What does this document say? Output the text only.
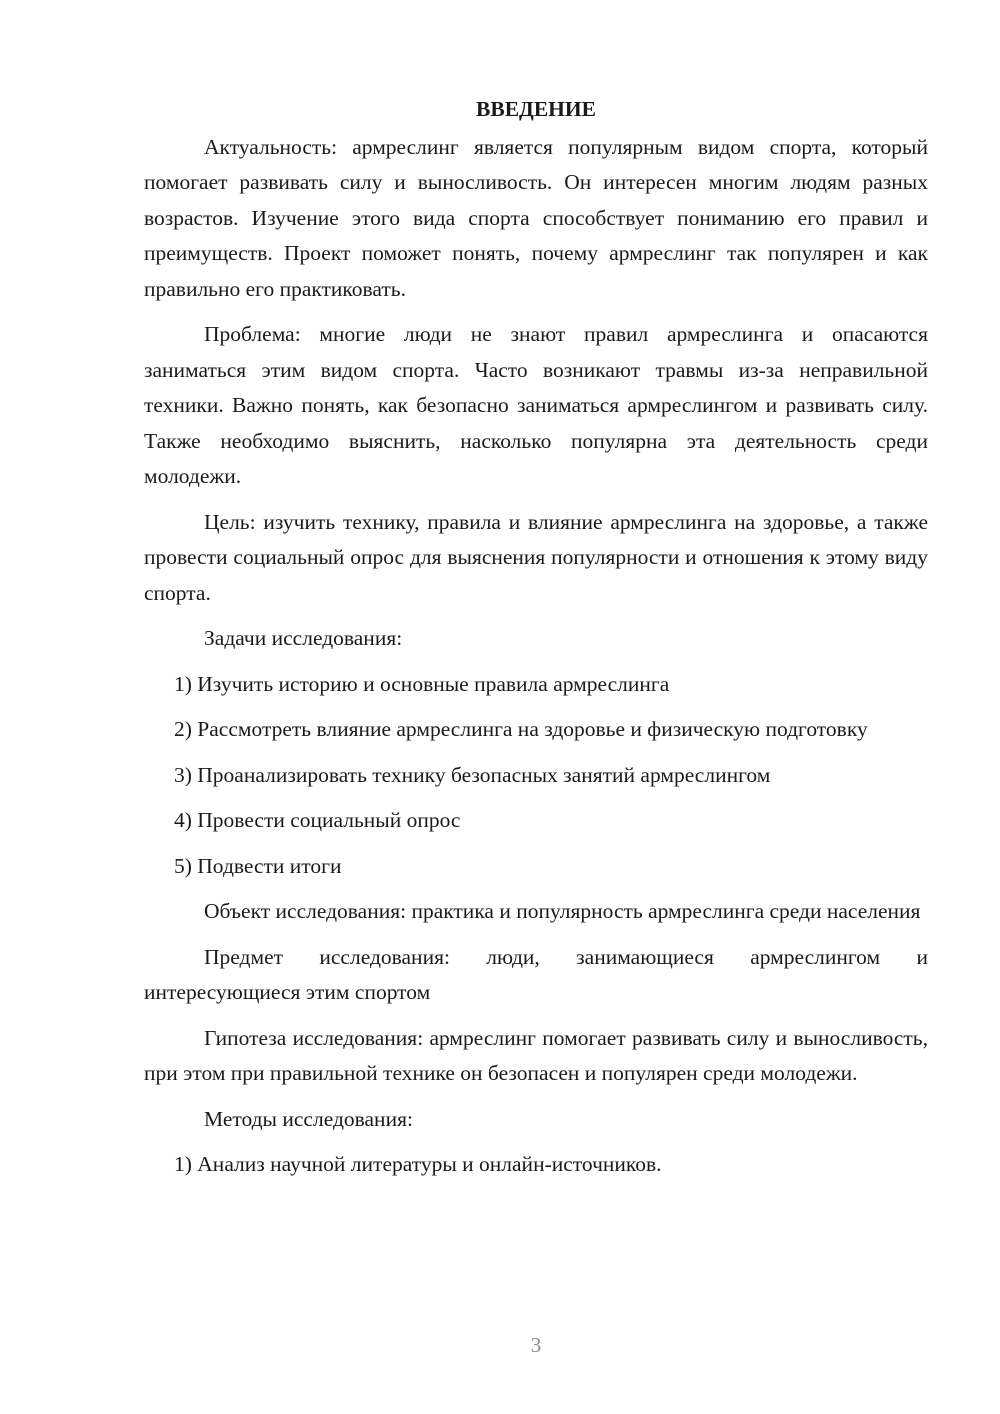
ВВЕДЕНИЕ

Актуальность: армреслинг является популярным видом спорта, который помогает развивать силу и выносливость. Он интересен многим людям разных возрастов. Изучение этого вида спорта способствует пониманию его правил и преимуществ. Проект поможет понять, почему армреслинг так популярен и как правильно его практиковать.

Проблема: многие люди не знают правил армреслинга и опасаются заниматься этим видом спорта. Часто возникают травмы из-за неправильной техники. Важно понять, как безопасно заниматься армреслингом и развивать силу. Также необходимо выяснить, насколько популярна эта деятельность среди молодежи.

Цель: изучить технику, правила и влияние армреслинга на здоровье, а также провести социальный опрос для выяснения популярности и отношения к этому виду спорта.

Задачи исследования:

1) Изучить историю и основные правила армреслинга

2) Рассмотреть влияние армреслинга на здоровье и физическую подготовку

3) Проанализировать технику безопасных занятий армреслингом

4) Провести социальный опрос

5) Подвести итоги

Объект исследования: практика и популярность армреслинга среди населения

Предмет исследования: люди, занимающиеся армреслингом и интересующиеся этим спортом

Гипотеза исследования: армреслинг помогает развивать силу и выносливость, при этом при правильной технике он безопасен и популярен среди молодежи.

Методы исследования:

1) Анализ научной литературы и онлайн-источников.

3
